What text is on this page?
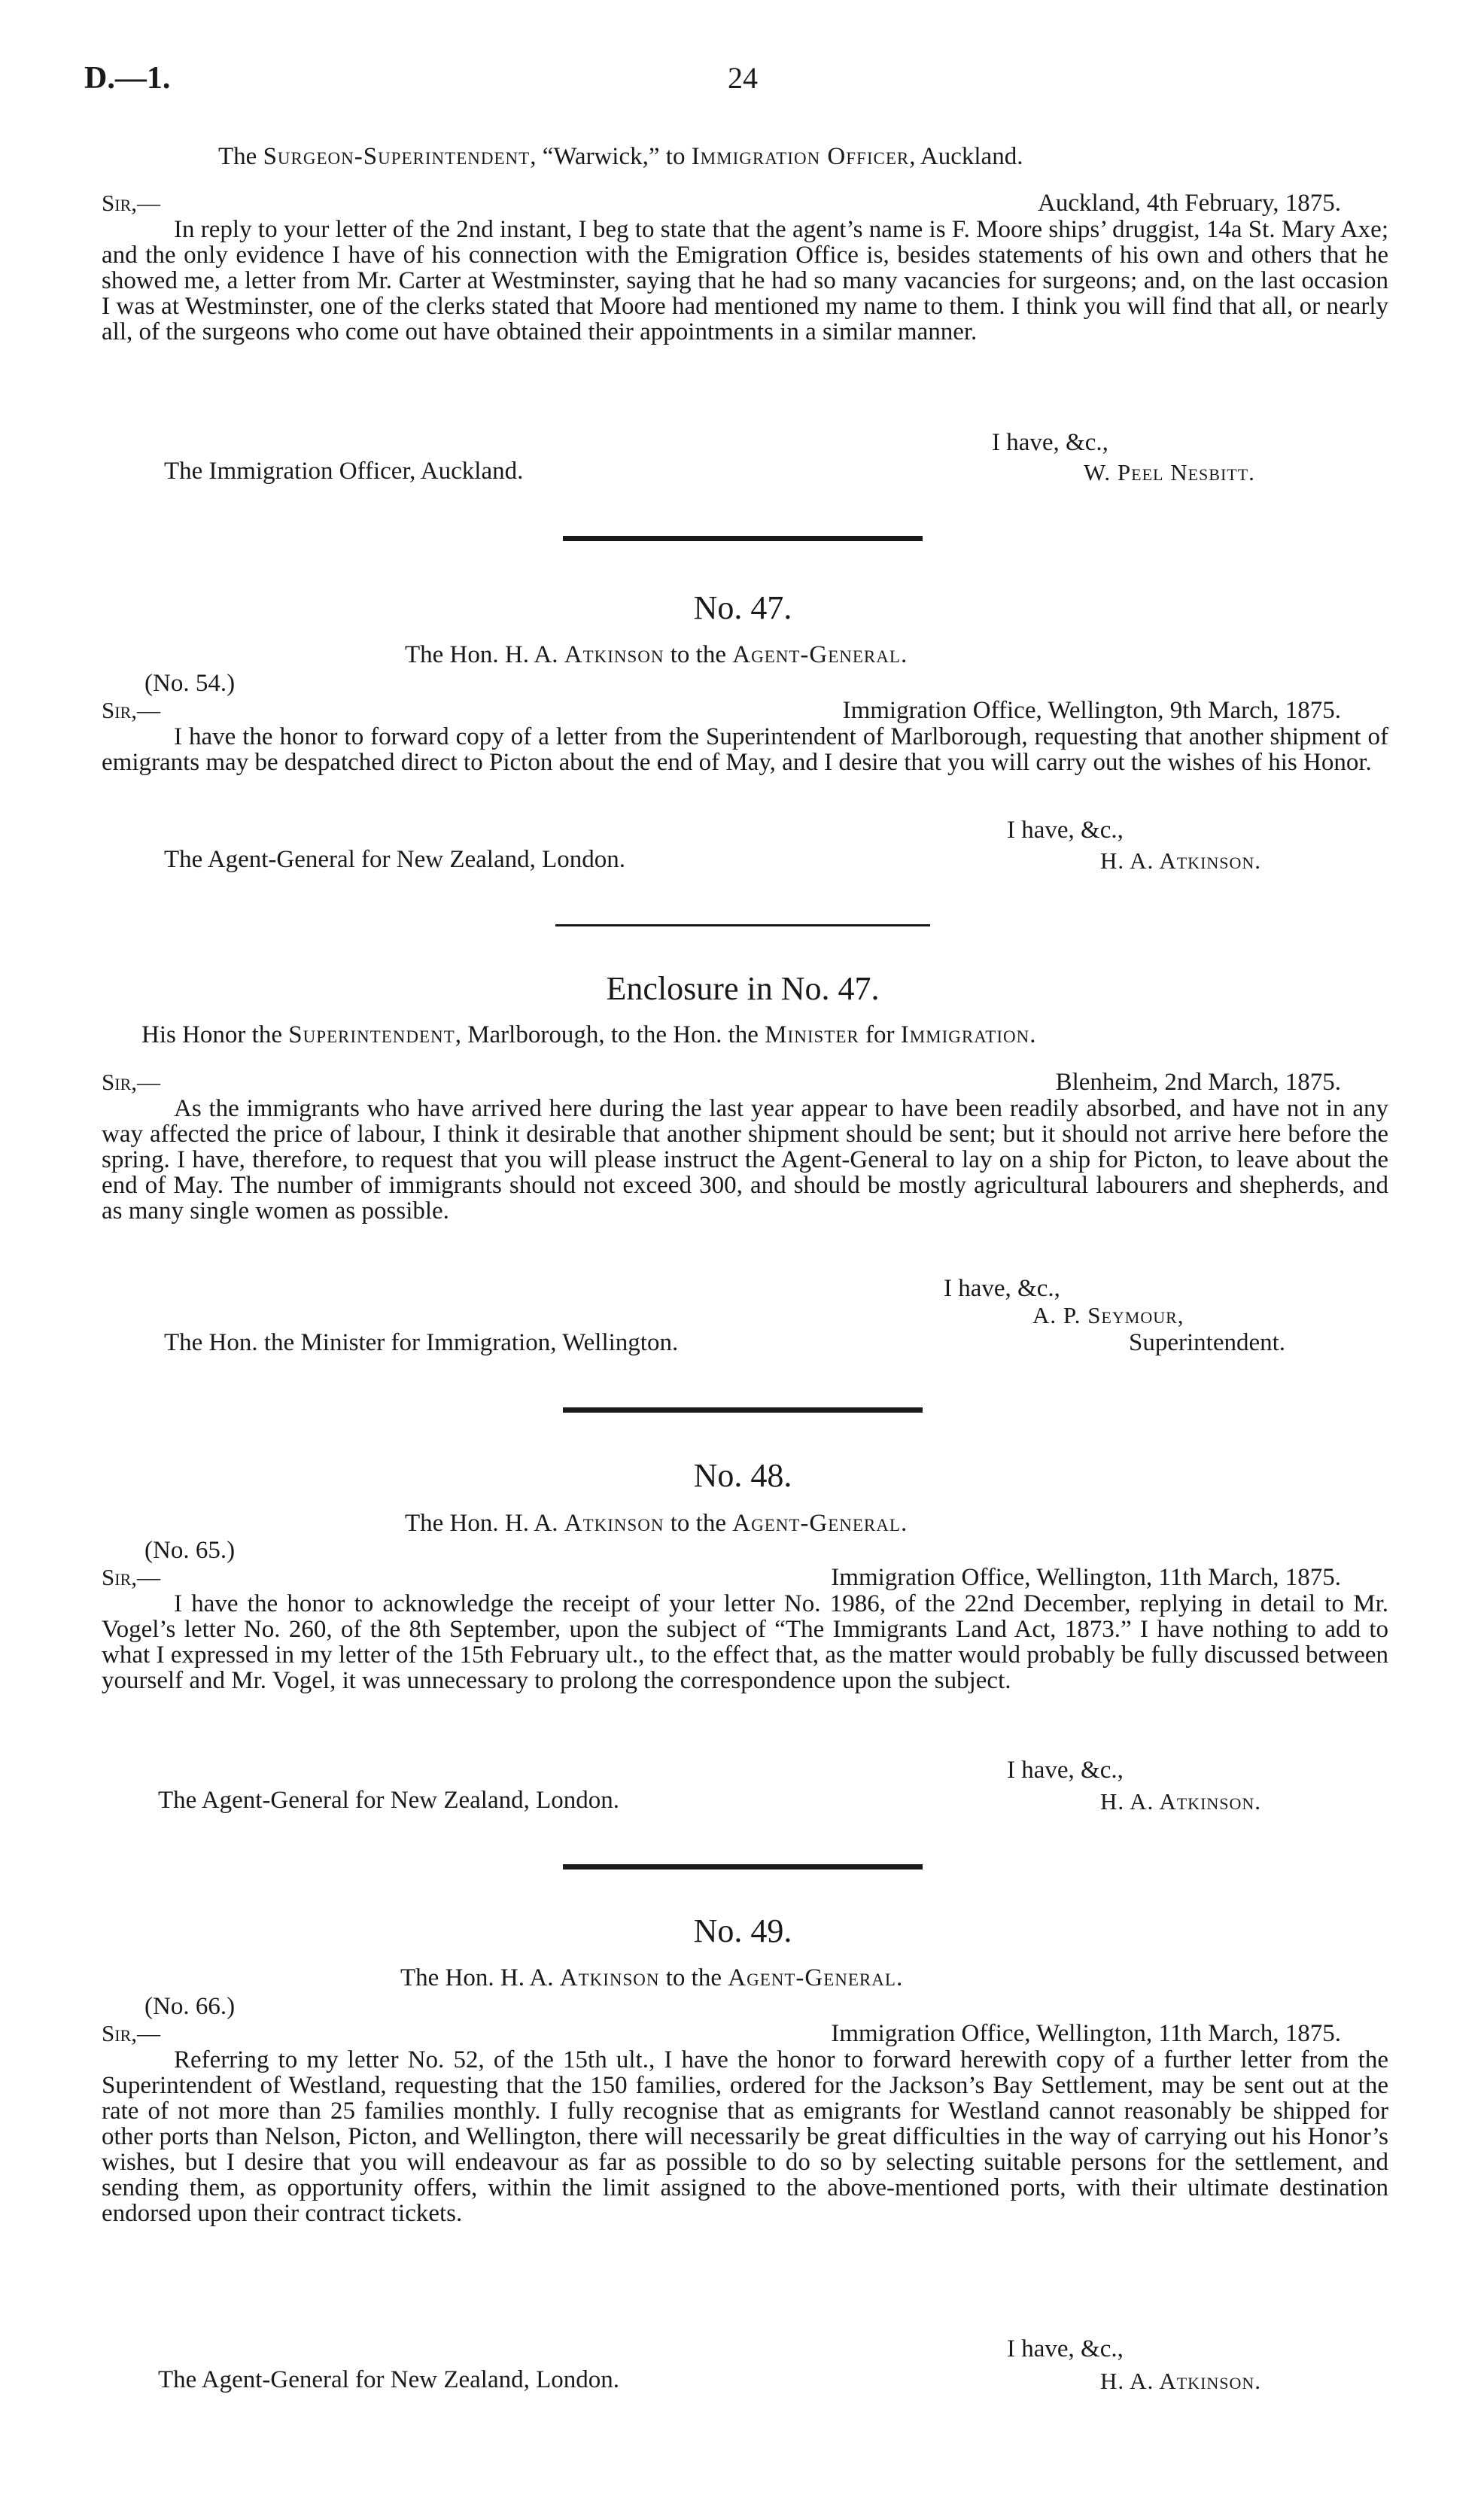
D.—1.	24
The Surgeon-Superintendent, “Warwick,” to Immigration Officer, Auckland.
Sir,—	Auckland, 4th February, 1875.
In reply to your letter of the 2nd instant, I beg to state that the agent’s name is F. Moore ships’ druggist, 14a St. Mary Axe; and the only evidence I have of his connection with the Emigration Office is, besides statements of his own and others that he showed me, a letter from Mr. Carter at Westminster, saying that he had so many vacancies for surgeons; and, on the last occasion I was at Westminster, one of the clerks stated that Moore had mentioned my name to them. I think you will find that all, or nearly all, of the surgeons who come out have obtained their appointments in a similar manner.
I have, &c.,
The Immigration Officer, Auckland.	W. Peel Nesbitt.
No. 47.
The Hon. H. A. Atkinson to the Agent-General.
(No. 54.)
Sir,—	Immigration Office, Wellington, 9th March, 1875.
I have the honor to forward copy of a letter from the Superintendent of Marlborough, requesting that another shipment of emigrants may be despatched direct to Picton about the end of May, and I desire that you will carry out the wishes of his Honor.
I have, &c.,
The Agent-General for New Zealand, London.	H. A. Atkinson.
Enclosure in No. 47.
His Honor the Superintendent, Marlborough, to the Hon. the Minister for Immigration.
Sir,—	Blenheim, 2nd March, 1875.
As the immigrants who have arrived here during the last year appear to have been readily absorbed, and have not in any way affected the price of labour, I think it desirable that another shipment should be sent; but it should not arrive here before the spring. I have, therefore, to request that you will please instruct the Agent-General to lay on a ship for Picton, to leave about the end of May. The number of immigrants should not exceed 300, and should be mostly agricultural labourers and shepherds, and as many single women as possible.
I have, &c.,
A. P. Seymour,
The Hon. the Minister for Immigration, Wellington.	Superintendent.
No. 48.
The Hon. H. A. Atkinson to the Agent-General.
(No. 65.)
Sir,—	Immigration Office, Wellington, 11th March, 1875.
I have the honor to acknowledge the receipt of your letter No. 1986, of the 22nd December, replying in detail to Mr. Vogel’s letter No. 260, of the 8th September, upon the subject of “The Immigrants Land Act, 1873.” I have nothing to add to what I expressed in my letter of the 15th February ult., to the effect that, as the matter would probably be fully discussed between yourself and Mr. Vogel, it was unnecessary to prolong the correspondence upon the subject.
I have, &c.,
The Agent-General for New Zealand, London.	H. A. Atkinson.
No. 49.
The Hon. H. A. Atkinson to the Agent-General.
(No. 66.)
Sir,—	Immigration Office, Wellington, 11th March, 1875.
Referring to my letter No. 52, of the 15th ult., I have the honor to forward herewith copy of a further letter from the Superintendent of Westland, requesting that the 150 families, ordered for the Jackson’s Bay Settlement, may be sent out at the rate of not more than 25 families monthly. I fully recognise that as emigrants for Westland cannot reasonably be shipped for other ports than Nelson, Picton, and Wellington, there will necessarily be great difficulties in the way of carrying out his Honor’s wishes, but I desire that you will endeavour as far as possible to do so by selecting suitable persons for the settlement, and sending them, as opportunity offers, within the limit assigned to the above-mentioned ports, with their ultimate destination endorsed upon their contract tickets.
I have, &c.,
The Agent-General for New Zealand, London.	H. A. Atkinson.
